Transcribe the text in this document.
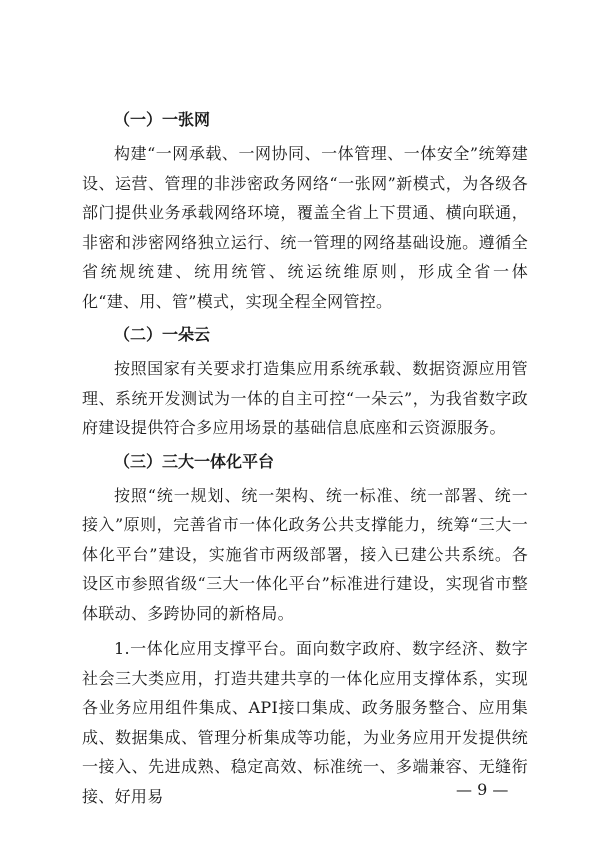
（一）一张网

构建“一网承载、一网协同、一体管理、一体安全”统筹建设、运营、管理的非涉密政务网络“一张网”新模式，为各级各部门提供业务承载网络环境，覆盖全省上下贯通、横向联通，非密和涉密网络独立运行、统一管理的网络基础设施。遵循全省统规统建、统用统管、统运统维原则，形成全省一体化“建、用、管”模式，实现全程全网管控。

（二）一朵云

按照国家有关要求打造集应用系统承载、数据资源应用管理、系统开发测试为一体的自主可控“一朵云”，为我省数字政府建设提供符合多应用场景的基础信息底座和云资源服务。

（三）三大一体化平台

按照“统一规划、统一架构、统一标准、统一部署、统一接入”原则，完善省市一体化政务公共支撑能力，统筹“三大一体化平台”建设，实施省市两级部署，接入已建公共系统。各设区市参照省级“三大一体化平台”标准进行建设，实现省市整体联动、多跨协同的新格局。

1.一体化应用支撑平台。面向数字政府、数字经济、数字社会三大类应用，打造共建共享的一体化应用支撑体系，实现各业务应用组件集成、API接口集成、政务服务整合、应用集成、数据集成、管理分析集成等功能，为业务应用开发提供统一接入、先进成熟、稳定高效、标准统一、多端兼容、无缝衔接、好用易	— 9 —
